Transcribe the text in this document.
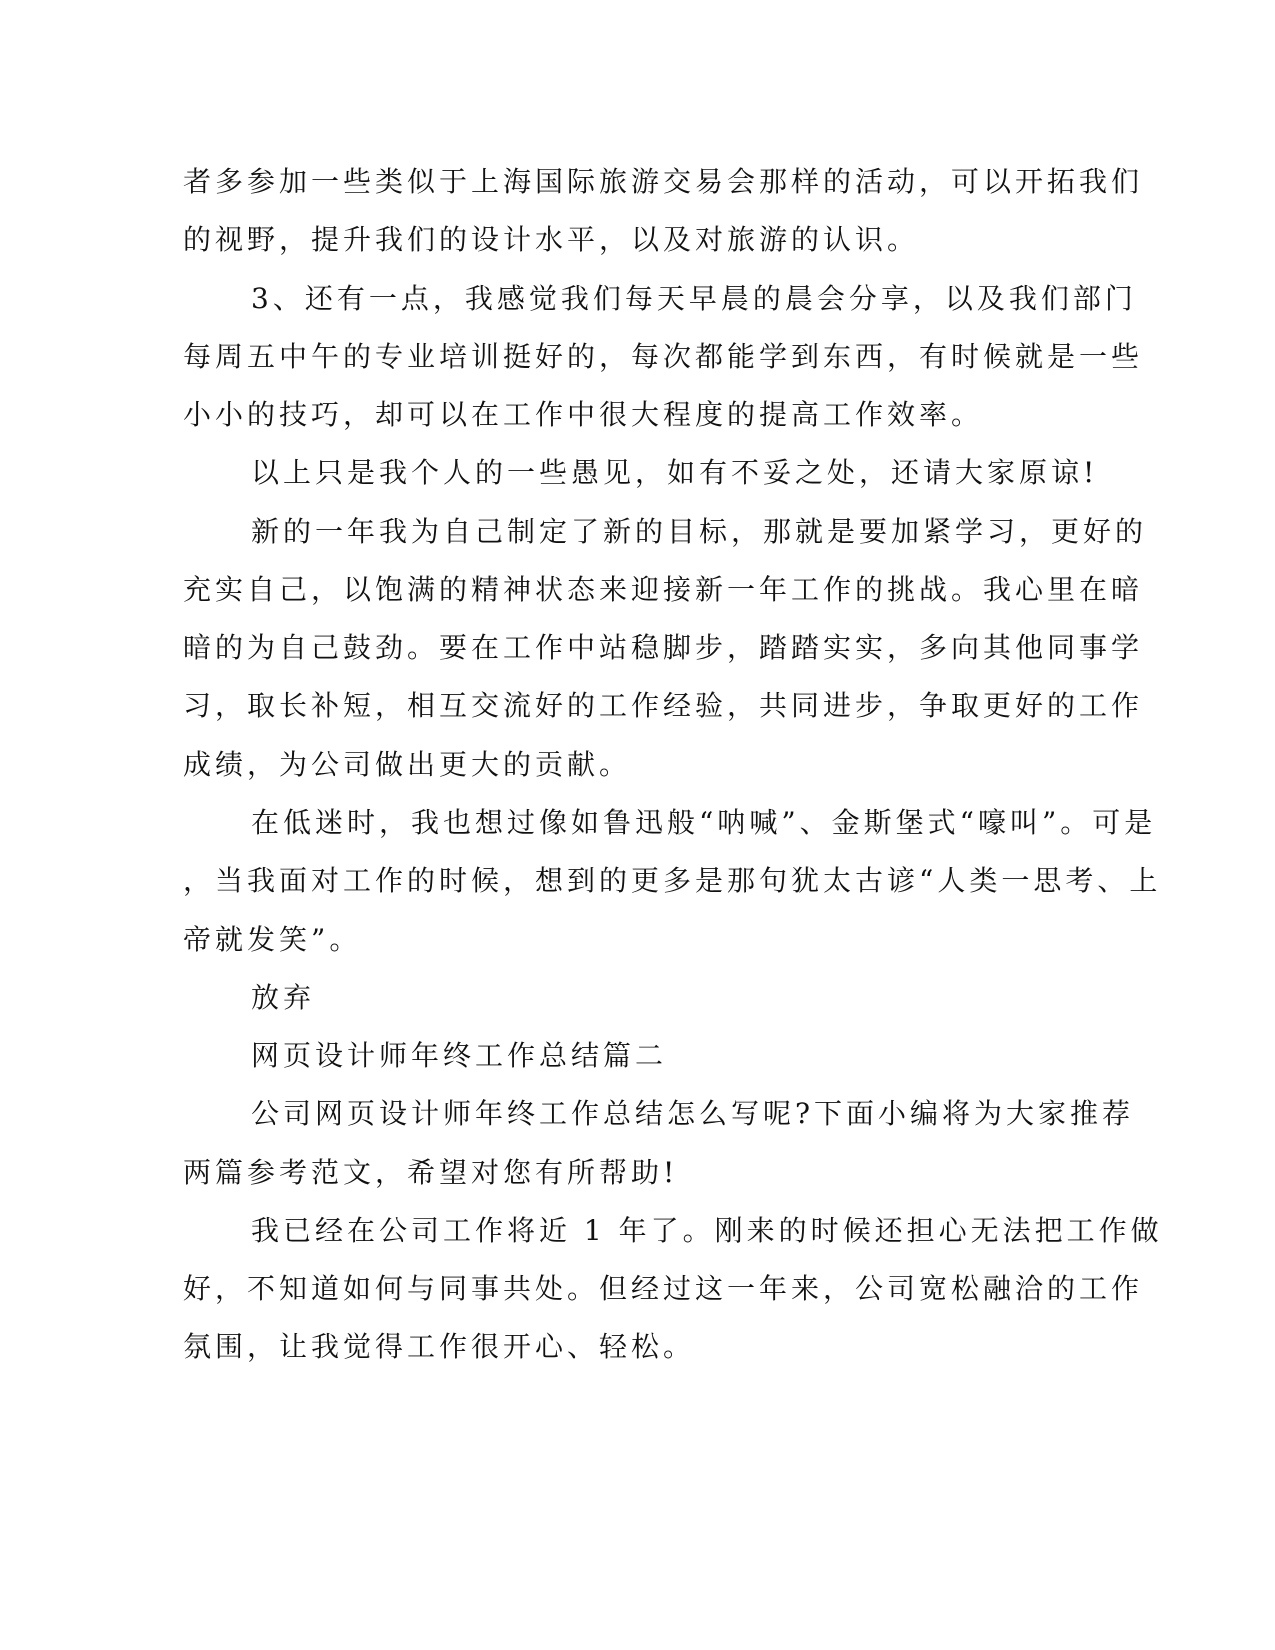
者多参加一些类似于上海国际旅游交易会那样的活动，可以开拓我们
的视野，提升我们的设计水平，以及对旅游的认识。
3、还有一点，我感觉我们每天早晨的晨会分享，以及我们部门
每周五中午的专业培训挺好的，每次都能学到东西，有时候就是一些
小小的技巧，却可以在工作中很大程度的提高工作效率。
以上只是我个人的一些愚见，如有不妥之处，还请大家原谅!
新的一年我为自己制定了新的目标，那就是要加紧学习，更好的
充实自己，以饱满的精神状态来迎接新一年工作的挑战。我心里在暗
暗的为自己鼓劲。要在工作中站稳脚步，踏踏实实，多向其他同事学
习，取长补短，相互交流好的工作经验，共同进步，争取更好的工作
成绩，为公司做出更大的贡献。
在低迷时，我也想过像如鲁迅般“呐喊”、金斯堡式“嚎叫”。可是
，当我面对工作的时候，想到的更多是那句犹太古谚“人类一思考、上
帝就发笑”。
放弃
网页设计师年终工作总结篇二
公司网页设计师年终工作总结怎么写呢?下面小编将为大家推荐
两篇参考范文，希望对您有所帮助!
我已经在公司工作将近 1 年了。刚来的时候还担心无法把工作做
好，不知道如何与同事共处。但经过这一年来，公司宽松融洽的工作
氛围，让我觉得工作很开心、轻松。
